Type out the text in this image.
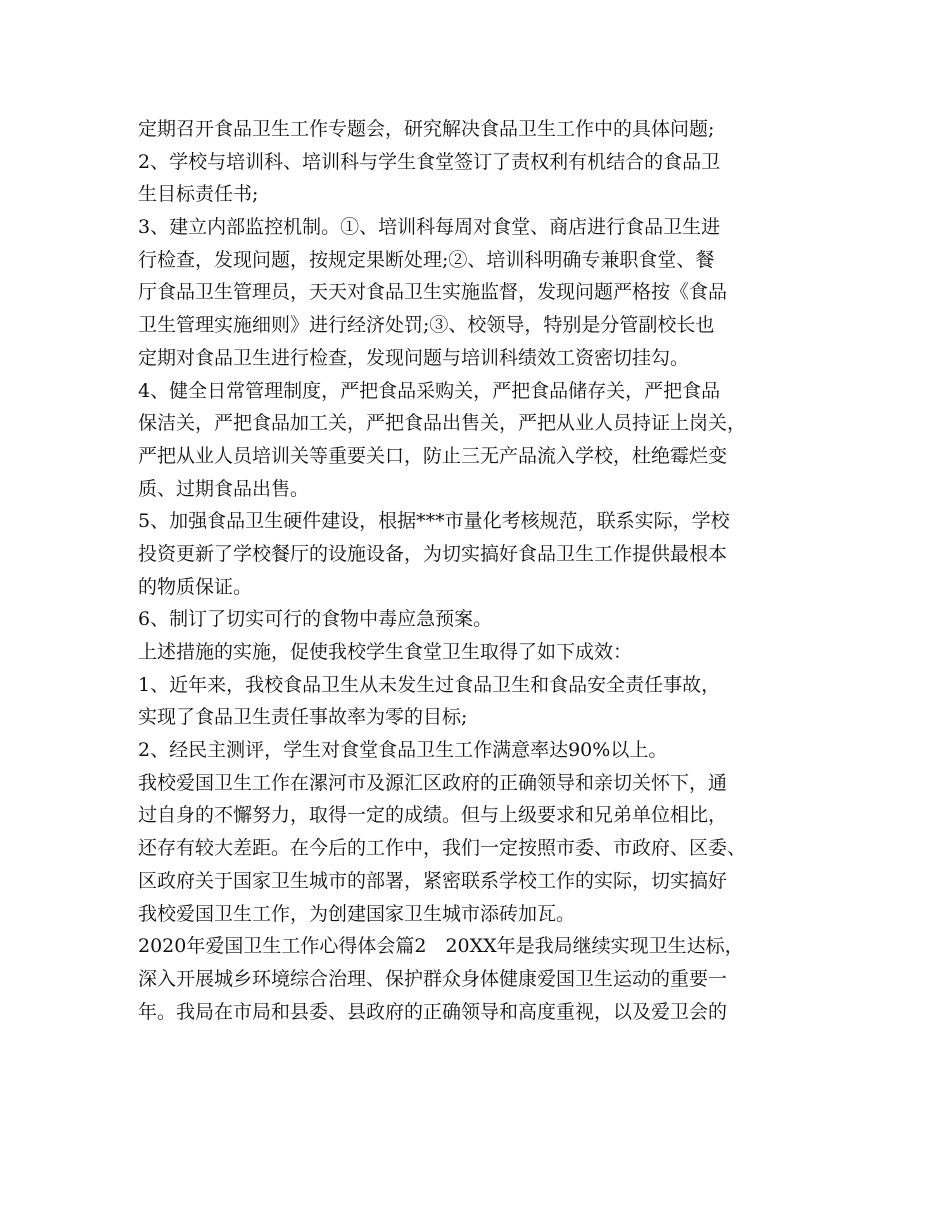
定期召开食品卫生工作专题会，研究解决食品卫生工作中的具体问题;
2、学校与培训科、培训科与学生食堂签订了责权利有机结合的食品卫
生目标责任书;
3、建立内部监控机制。①、培训科每周对食堂、商店进行食品卫生进
行检查，发现问题，按规定果断处理;②、培训科明确专兼职食堂、餐
厅食品卫生管理员，天天对食品卫生实施监督，发现问题严格按《食品
卫生管理实施细则》进行经济处罚;③、校领导，特别是分管副校长也
定期对食品卫生进行检查，发现问题与培训科绩效工资密切挂勾。
4、健全日常管理制度，严把食品采购关，严把食品储存关，严把食品
保洁关，严把食品加工关，严把食品出售关，严把从业人员持证上岗关，
严把从业人员培训关等重要关口，防止三无产品流入学校，杜绝霉烂变
质、过期食品出售。
5、加强食品卫生硬件建设，根据***市量化考核规范，联系实际，学校
投资更新了学校餐厅的设施设备，为切实搞好食品卫生工作提供最根本
的物质保证。
6、制订了切实可行的食物中毒应急预案。
上述措施的实施，促使我校学生食堂卫生取得了如下成效：
1、近年来，我校食品卫生从未发生过食品卫生和食品安全责任事故，
实现了食品卫生责任事故率为零的目标;
2、经民主测评，学生对食堂食品卫生工作满意率达90%以上。
我校爱国卫生工作在漯河市及源汇区政府的正确领导和亲切关怀下，通
过自身的不懈努力，取得一定的成绩。但与上级要求和兄弟单位相比，
还存有较大差距。在今后的工作中，我们一定按照市委、市政府、区委、
区政府关于国家卫生城市的部署，紧密联系学校工作的实际，切实搞好
我校爱国卫生工作，为创建国家卫生城市添砖加瓦。
2020年爱国卫生工作心得体会篇2　20XX年是我局继续实现卫生达标，
深入开展城乡环境综合治理、保护群众身体健康爱国卫生运动的重要一
年。我局在市局和县委、县政府的正确领导和高度重视，以及爱卫会的
